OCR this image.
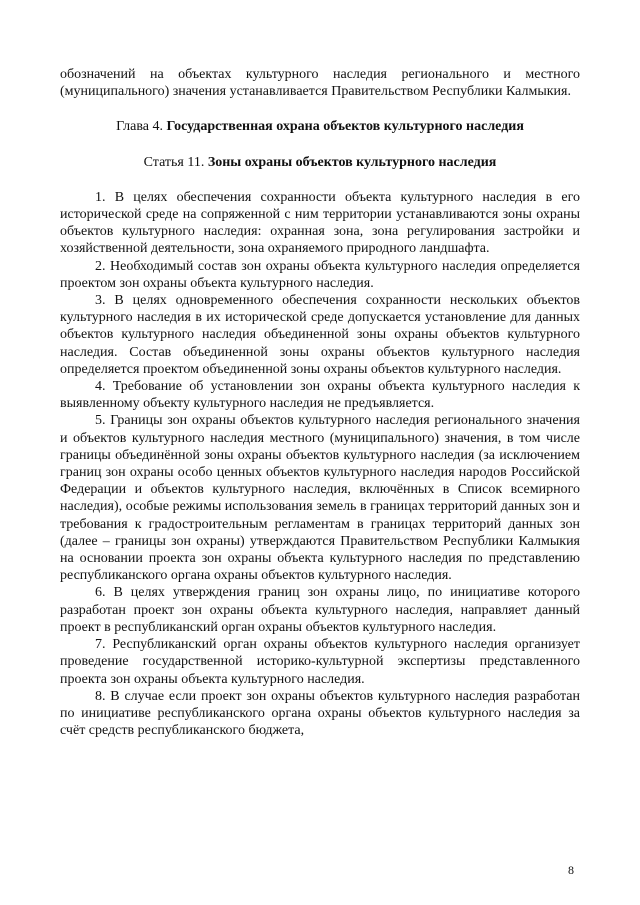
обозначений на объектах культурного наследия регионального и местного (муниципального) значения устанавливается Правительством Республики Калмыкия.

Глава 4. Государственная охрана объектов культурного наследия

Статья 11. Зоны охраны объектов культурного наследия

1. В целях обеспечения сохранности объекта культурного наследия в его исторической среде на сопряженной с ним территории устанавливаются зоны охраны объектов культурного наследия: охранная зона, зона регулирования застройки и хозяйственной деятельности, зона охраняемого природного ландшафта.

2. Необходимый состав зон охраны объекта культурного наследия определяется проектом зон охраны объекта культурного наследия.

3. В целях одновременного обеспечения сохранности нескольких объектов культурного наследия в их исторической среде допускается установление для данных объектов культурного наследия объединенной зоны охраны объектов культурного наследия. Состав объединенной зоны охраны объектов культурного наследия определяется проектом объединенной зоны охраны объектов культурного наследия.

4. Требование об установлении зон охраны объекта культурного наследия к выявленному объекту культурного наследия не предъявляется.

5. Границы зон охраны объектов культурного наследия регионального значения и объектов культурного наследия местного (муниципального) значения, в том числе границы объединённой зоны охраны объектов культурного наследия (за исключением границ зон охраны особо ценных объектов культурного наследия народов Российской Федерации и объектов культурного наследия, включённых в Список всемирного наследия), особые режимы использования земель в границах территорий данных зон и требования к градостроительным регламентам в границах территорий данных зон (далее – границы зон охраны) утверждаются Правительством Республики Калмыкия на основании проекта зон охраны объекта культурного наследия по представлению республиканского органа охраны объектов культурного наследия.

6. В целях утверждения границ зон охраны лицо, по инициативе которого разработан проект зон охраны объекта культурного наследия, направляет данный проект в республиканский орган охраны объектов культурного наследия.

7. Республиканский орган охраны объектов культурного наследия организует проведение государственной историко-культурной экспертизы представленного проекта зон охраны объекта культурного наследия.

8. В случае если проект зон охраны объектов культурного наследия разработан по инициативе республиканского органа охраны объектов культурного наследия за счёт средств республиканского бюджета,

8
